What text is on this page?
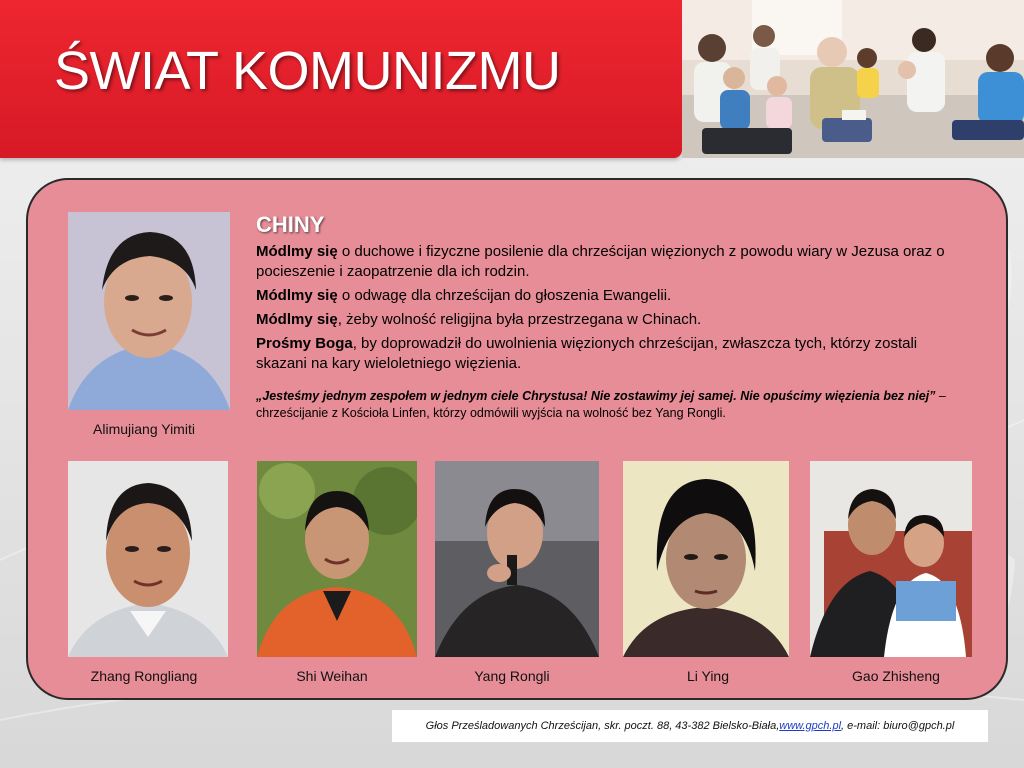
ŚWIAT KOMUNIZMU
Alimujiang Yimiti
CHINY

Módlmy się o duchowe i fizyczne posilenie dla chrześcijan więzionych z powodu wiary w Jezusa oraz o pocieszenie i zaopatrzenie dla ich rodzin.

Módlmy się o odwagę dla chrześcijan do głoszenia Ewangelii.

Módlmy się, żeby wolność religijna była przestrzegana w Chinach.

Prośmy Boga, by doprowadził do uwolnienia więzionych chrześcijan, zwłaszcza tych, którzy zostali skazani na kary wieloletniego więzienia.

„Jesteśmy jednym zespołem w jednym ciele Chrystusa! Nie zostawimy jej samej. Nie opuścimy więzienia bez niej” – chrześcijanie z Kościoła Linfen, którzy odmówili wyjścia na wolność bez Yang Rongli.

Zhang Rongliang	Shi Weihan	Yang Rongli	Li Ying	Gao Zhisheng
Głos Prześladowanych Chrześcijan, skr. poczt. 88, 43-382 Bielsko-Biała, www.gpch.pl , e-mail: biuro@gpch.pl
